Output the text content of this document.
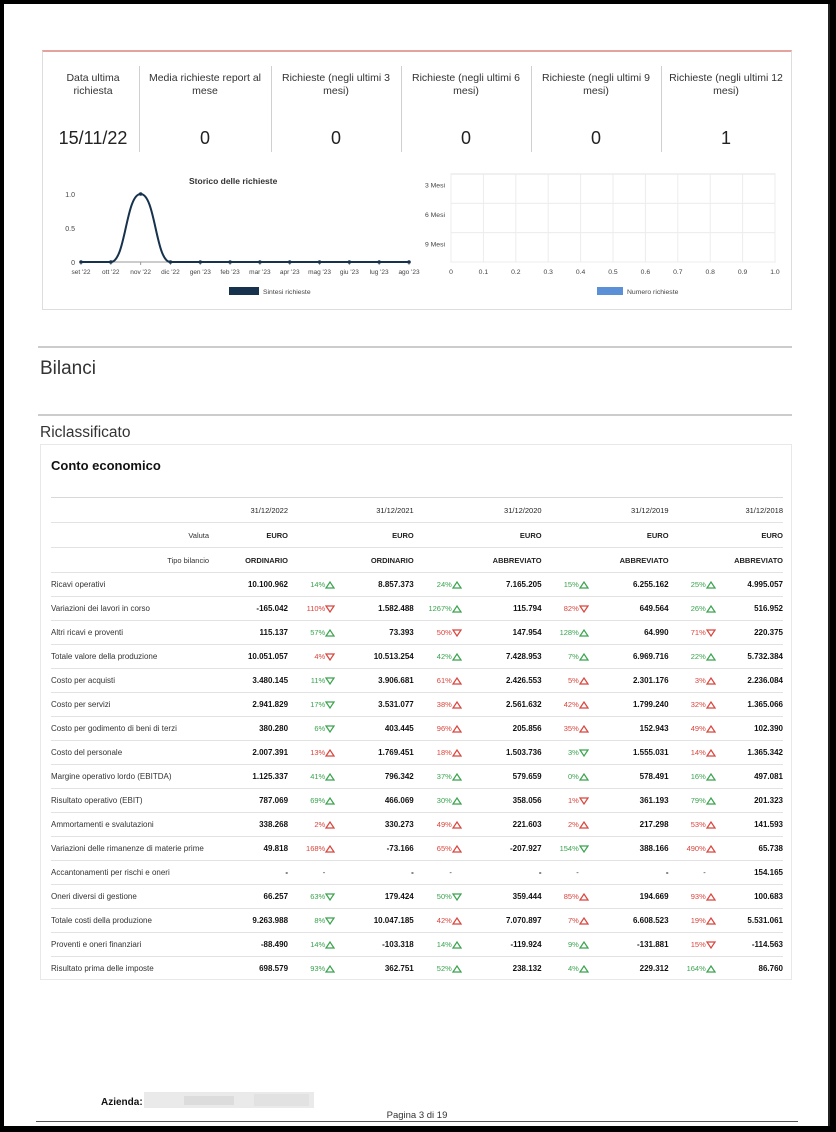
Data ultima richiesta
15/11/22
Media richieste report al mese
0
Richieste (negli ultimi 3 mesi)
0
Richieste (negli ultimi 6 mesi)
0
Richieste (negli ultimi 9 mesi)
0
Richieste (negli ultimi 12 mesi)
1
Storico delle richieste
0
0.5
1.0
set '22 ott '22 nov '22 dic '22 gen '23 feb '23 mar '23 apr '23 mag '23 giu '23 lug '23 ago '23
Sintesi richieste
0	0.1	0.2	0.3	0.4	0.5	0.6	0.7	0.8	0.9	1.0
3 Mesi
6 Mesi
9 Mesi
Numero richieste
Bilanci
Riclassificato
Conto economico
	31/12/2022			31/12/2021			31/12/2020			31/12/2019			31/12/2018
Valuta	EURO			EURO			EURO			EURO			EURO
Tipo bilancio	ORDINARIO			ORDINARIO			ABBREVIATO			ABBREVIATO			ABBREVIATO
Ricavi operativi	10.100.962	14%		8.857.373	24%		7.165.205	15%		6.255.162	25%		4.995.057
Variazioni dei lavori in corso	-165.042	110%		1.582.488	1267%		115.794	82%		649.564	26%		516.952
Altri ricavi e proventi	115.137	57%		73.393	50%		147.954	128%		64.990	71%		220.375
Totale valore della produzione	10.051.057	4%		10.513.254	42%		7.428.953	7%		6.969.716	22%		5.732.384
Costo per acquisti	3.480.145	11%		3.906.681	61%		2.426.553	5%		2.301.176	3%		2.236.084
Costo per servizi	2.941.829	17%		3.531.077	38%		2.561.632	42%		1.799.240	32%		1.365.066
Costo per godimento di beni di terzi	380.280	6%		403.445	96%		205.856	35%		152.943	49%		102.390
Costo del personale	2.007.391	13%		1.769.451	18%		1.503.736	3%		1.555.031	14%		1.365.342
Margine operativo lordo (EBITDA)	1.125.337	41%		796.342	37%		579.659	0%		578.491	16%		497.081
Risultato operativo (EBIT)	787.069	69%		466.069	30%		358.056	1%		361.193	79%		201.323
Ammortamenti e svalutazioni	338.268	2%		330.273	49%		221.603	2%		217.298	53%		141.593
Variazioni delle rimanenze di materie prime	49.818	168%		-73.166	65%		-207.927	154%		388.166	490%		65.738
Accantonamenti per rischi e oneri	-	-		-	-		-	-		-	-		154.165
Oneri diversi di gestione	66.257	63%		179.424	50%		359.444	85%		194.669	93%		100.683
Totale costi della produzione	9.263.988	8%		10.047.185	42%		7.070.897	7%		6.608.523	19%		5.531.061
Proventi e oneri finanziari	-88.490	14%		-103.318	14%		-119.924	9%		-131.881	15%		-114.563
Risultato prima delle imposte	698.579	93%		362.751	52%		238.132	4%		229.312	164%		86.760
Azienda:
Pagina 3 di 19
